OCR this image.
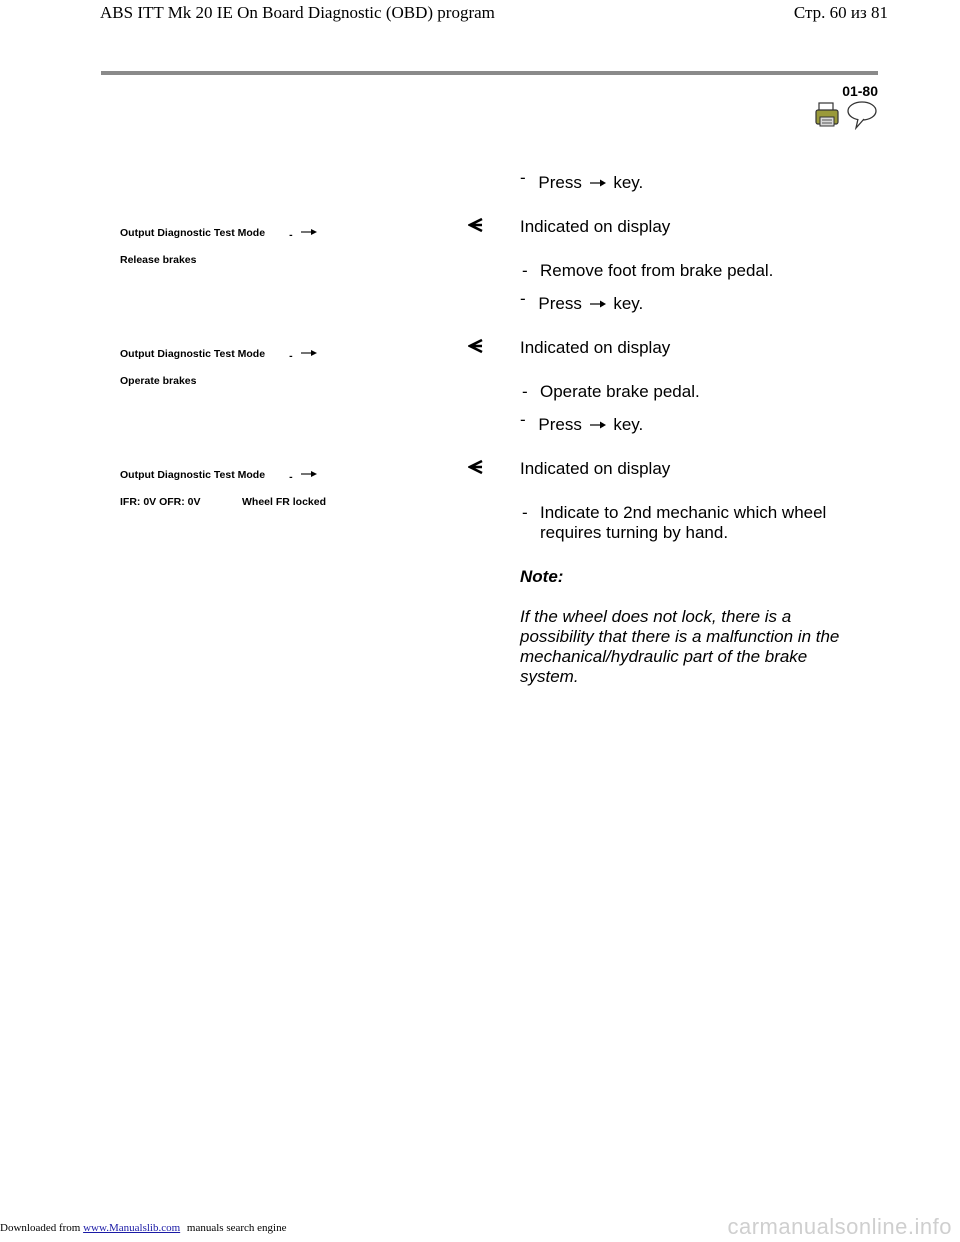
ABS ITT Mk 20 IE On Board Diagnostic (OBD) program	Стр. 60 из 81
01-80
- Press key.
Output Diagnostic Test Mode -
Release brakes
Indicated on display
- Remove foot from brake pedal.
- Press key.
Output Diagnostic Test Mode -
Operate brakes
Indicated on display
- Operate brake pedal.
- Press key.
Output Diagnostic Test Mode -
IFR: 0V OFR: 0V	Wheel FR locked
Indicated on display
- Indicate to 2nd mechanic which wheel
requires turning by hand.
Note:
If the wheel does not lock, there is a
possibility that there is a malfunction in the
mechanical/hydraulic part of the brake
system.
Downloaded from www.Manualslib.com manuals search engine	carmanualsonline.info
